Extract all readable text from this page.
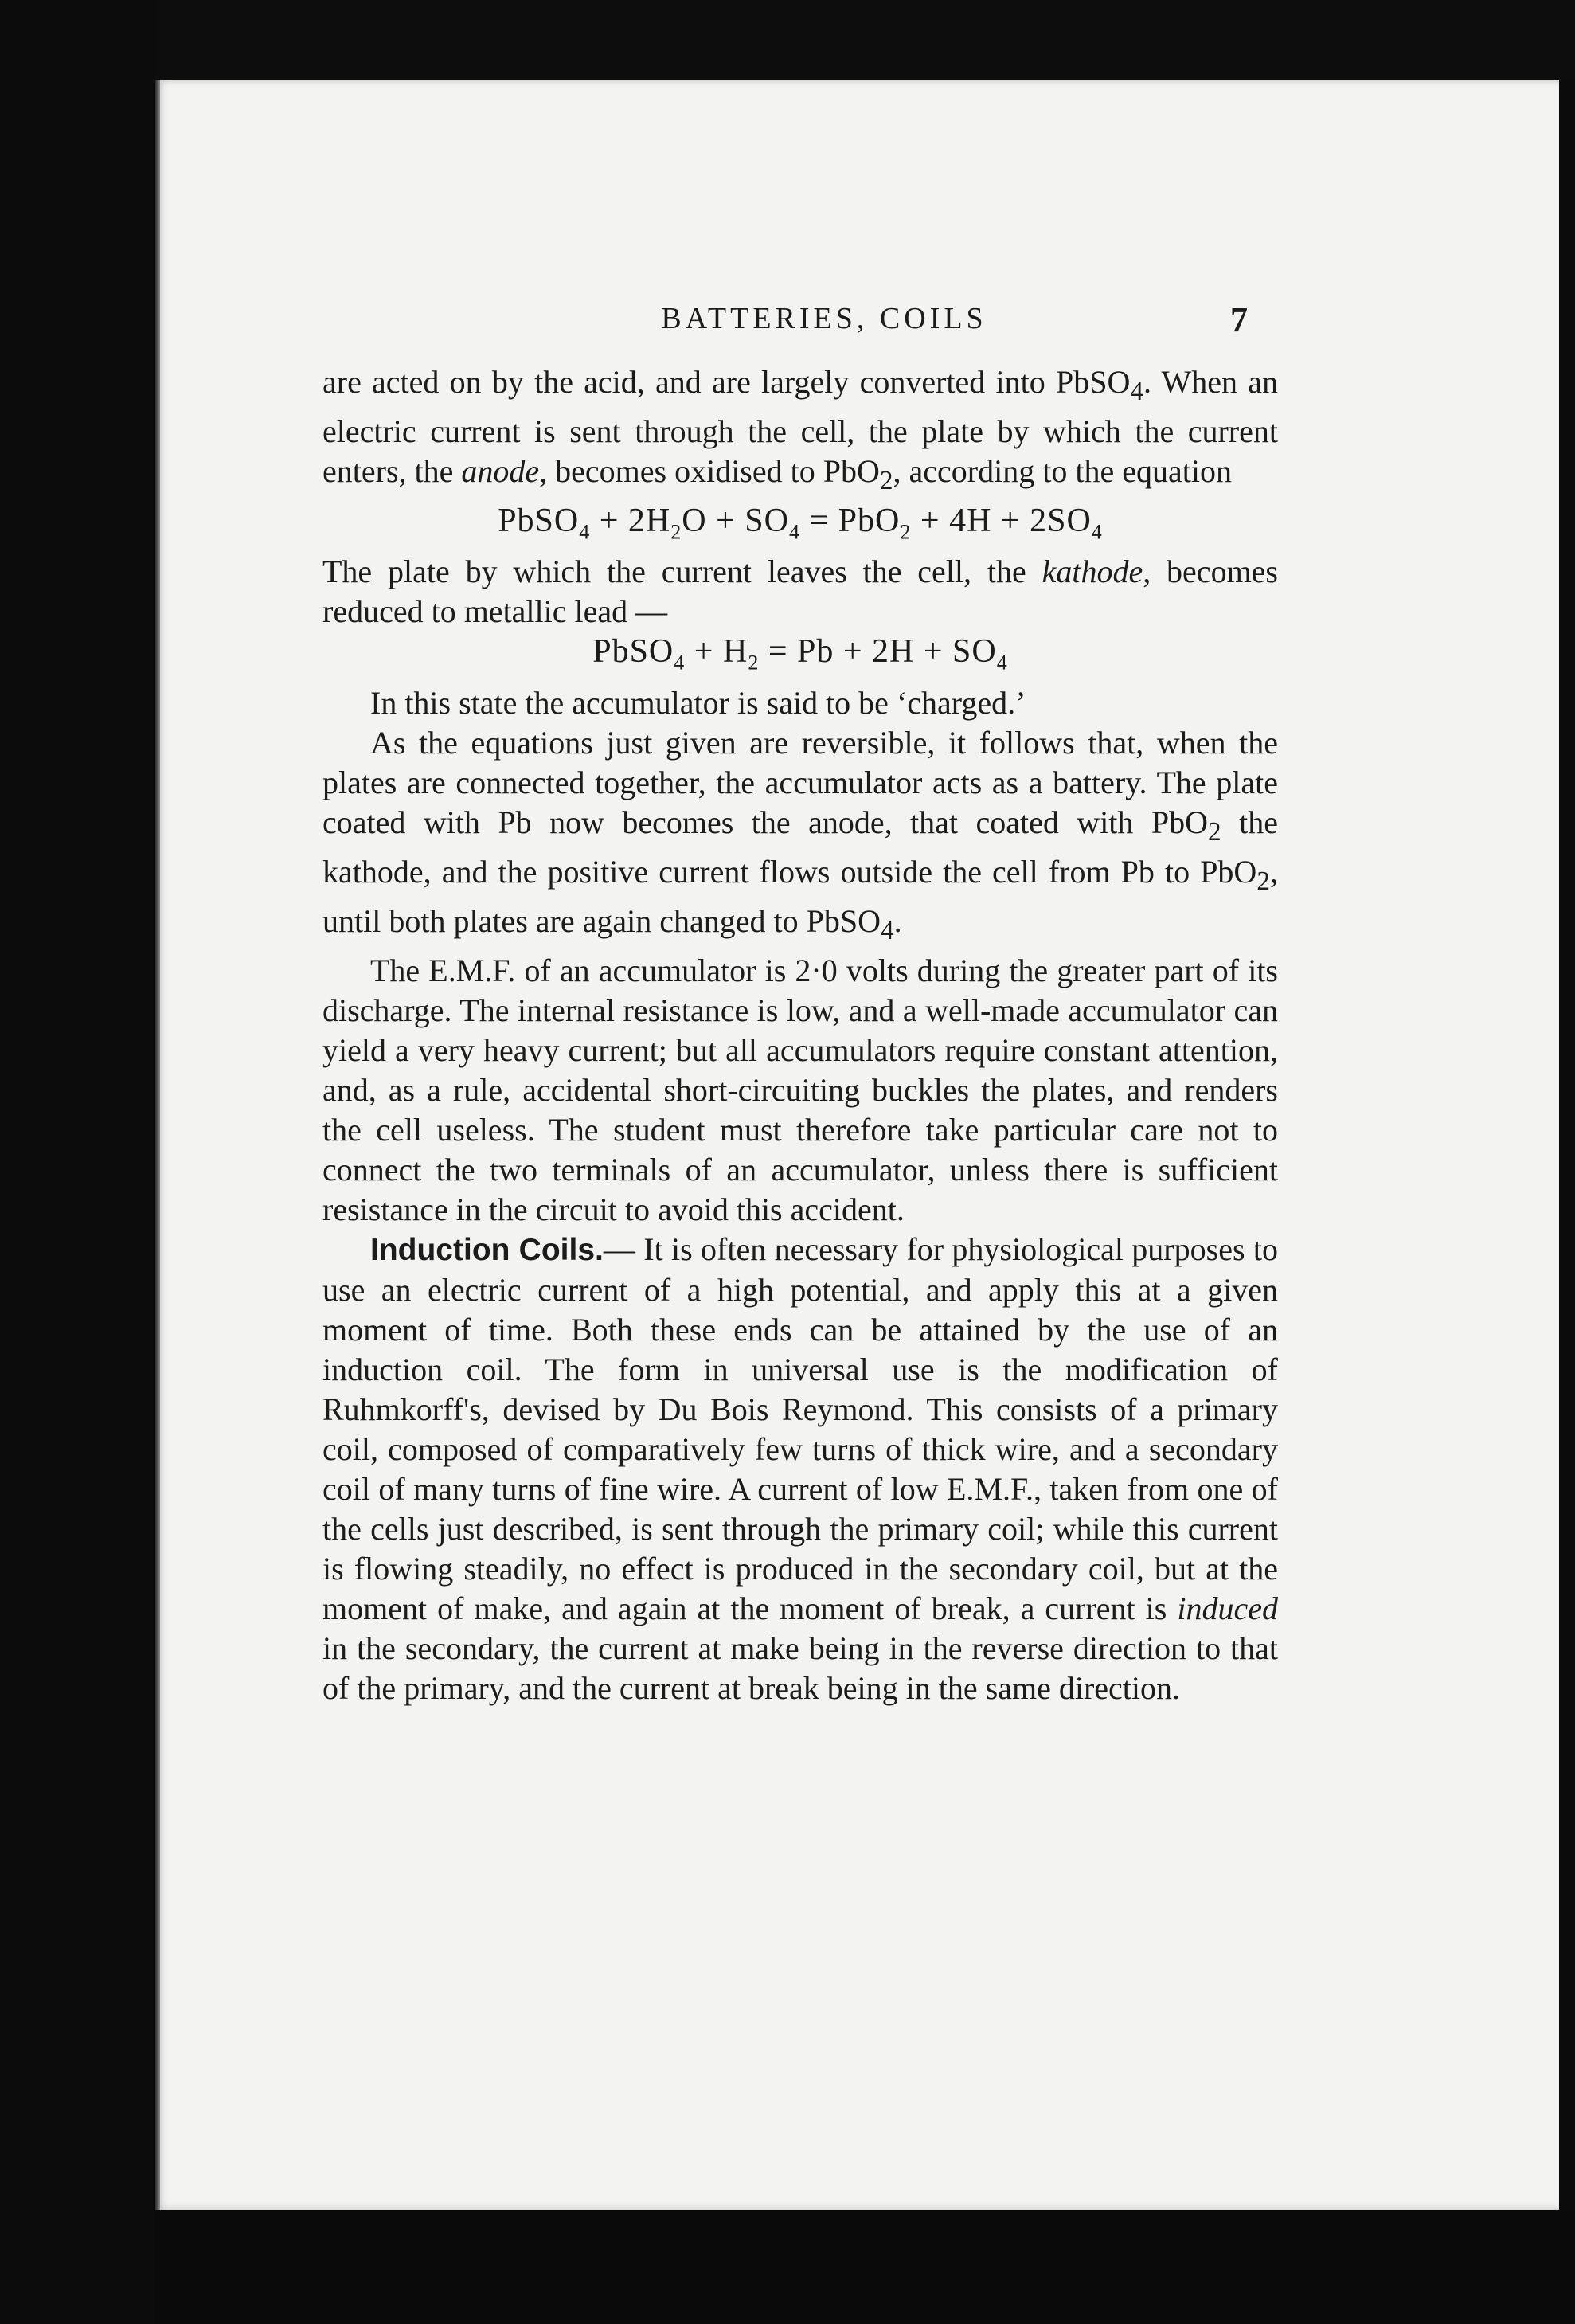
BATTERIES, COILS	7

are acted on by the acid, and are largely converted into PbSO$_4$. When an electric current is sent through the cell, the plate by which the current enters, the anode, becomes oxidised to PbO$_2$, according to the equation

PbSO$_4$ + $2H_2O + SO_4 = PbO_2 + 4H + 2SO_4$

The plate by which the current leaves the cell, the kathode, becomes reduced to metallic lead —

PbSO$_4$ + $H_2 = Pb + 2H + SO_4$

In this state the accumulator is said to be ‘charged.’

As the equations just given are reversible, it follows that, when the plates are connected together, the accumulator acts as a battery. The plate coated with Pb now becomes the anode, that coated with PbO$_2$ the kathode, and the positive current flows outside the cell from Pb to PbO$_2$, until both plates are again changed to PbSO$_4$.

The E.M.F. of an accumulator is 2·0 volts during the greater part of its discharge. The internal resistance is low, and a well-made accumulator can yield a very heavy current; but all accumulators require constant attention, and, as a rule, accidental short-circuiting buckles the plates, and renders the cell useless. The student must therefore take particular care not to connect the two terminals of an accumulator, unless there is sufficient resistance in the circuit to avoid this accident.

Induction Coils.— It is often necessary for physiological purposes to use an electric current of a high potential, and apply this at a given moment of time. Both these ends can be attained by the use of an induction coil. The form in universal use is the modification of Ruhmkorff's, devised by Du Bois Reymond. This consists of a primary coil, composed of comparatively few turns of thick wire, and a secondary coil of many turns of fine wire. A current of low E.M.F., taken from one of the cells just described, is sent through the primary coil; while this current is flowing steadily, no effect is produced in the secondary coil, but at the moment of make, and again at the moment of break, a current is induced in the secondary, the current at make being in the reverse direction to that of the primary, and the current at break being in the same direction.
